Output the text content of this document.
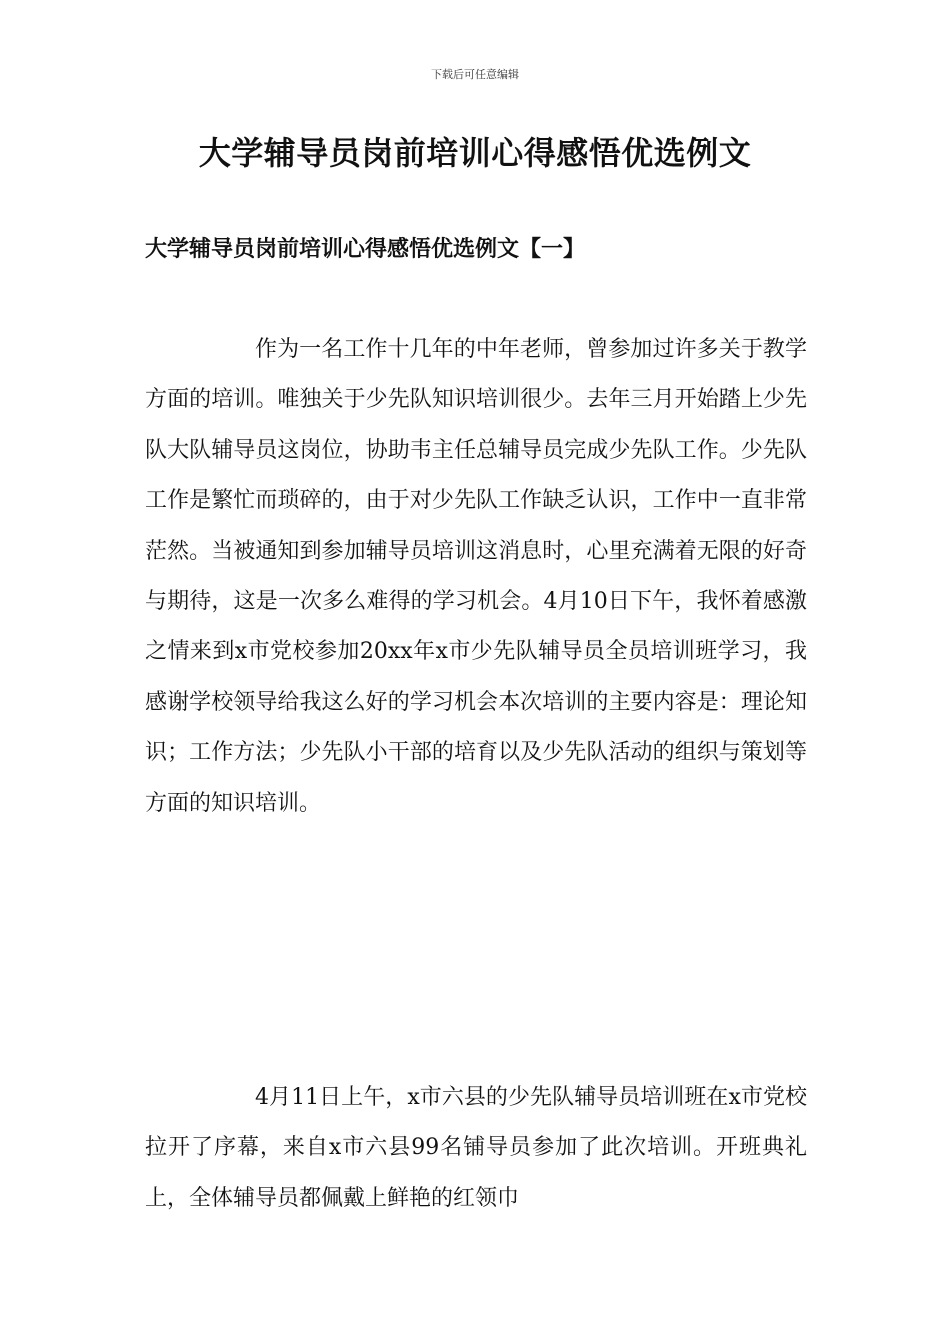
下载后可任意编辑
大学辅导员岗前培训心得感悟优选例文
大学辅导员岗前培训心得感悟优选例文【一】

作为一名工作十几年的中年老师，曾参加过许多关于教学方面的培训。唯独关于少先队知识培训很少。去年三月开始踏上少先队大队辅导员这岗位，协助韦主任总辅导员完成少先队工作。少先队工作是繁忙而琐碎的，由于对少先队工作缺乏认识，工作中一直非常茫然。当被通知到参加辅导员培训这消息时，心里充满着无限的好奇与期待，这是一次多么难得的学习机会。4月10日下午，我怀着感激之情来到x市党校参加20xx年x市少先队辅导员全员培训班学习，我感谢学校领导给我这么好的学习机会本次培训的主要内容是：理论知识；工作方法；少先队小干部的培育以及少先队活动的组织与策划等方面的知识培训。

4月11日上午，x市六县的少先队辅导员培训班在x市党校拉开了序幕，来自x市六县99名铺导员参加了此次培训。开班典礼上，全体辅导员都佩戴上鲜艳的红领巾
